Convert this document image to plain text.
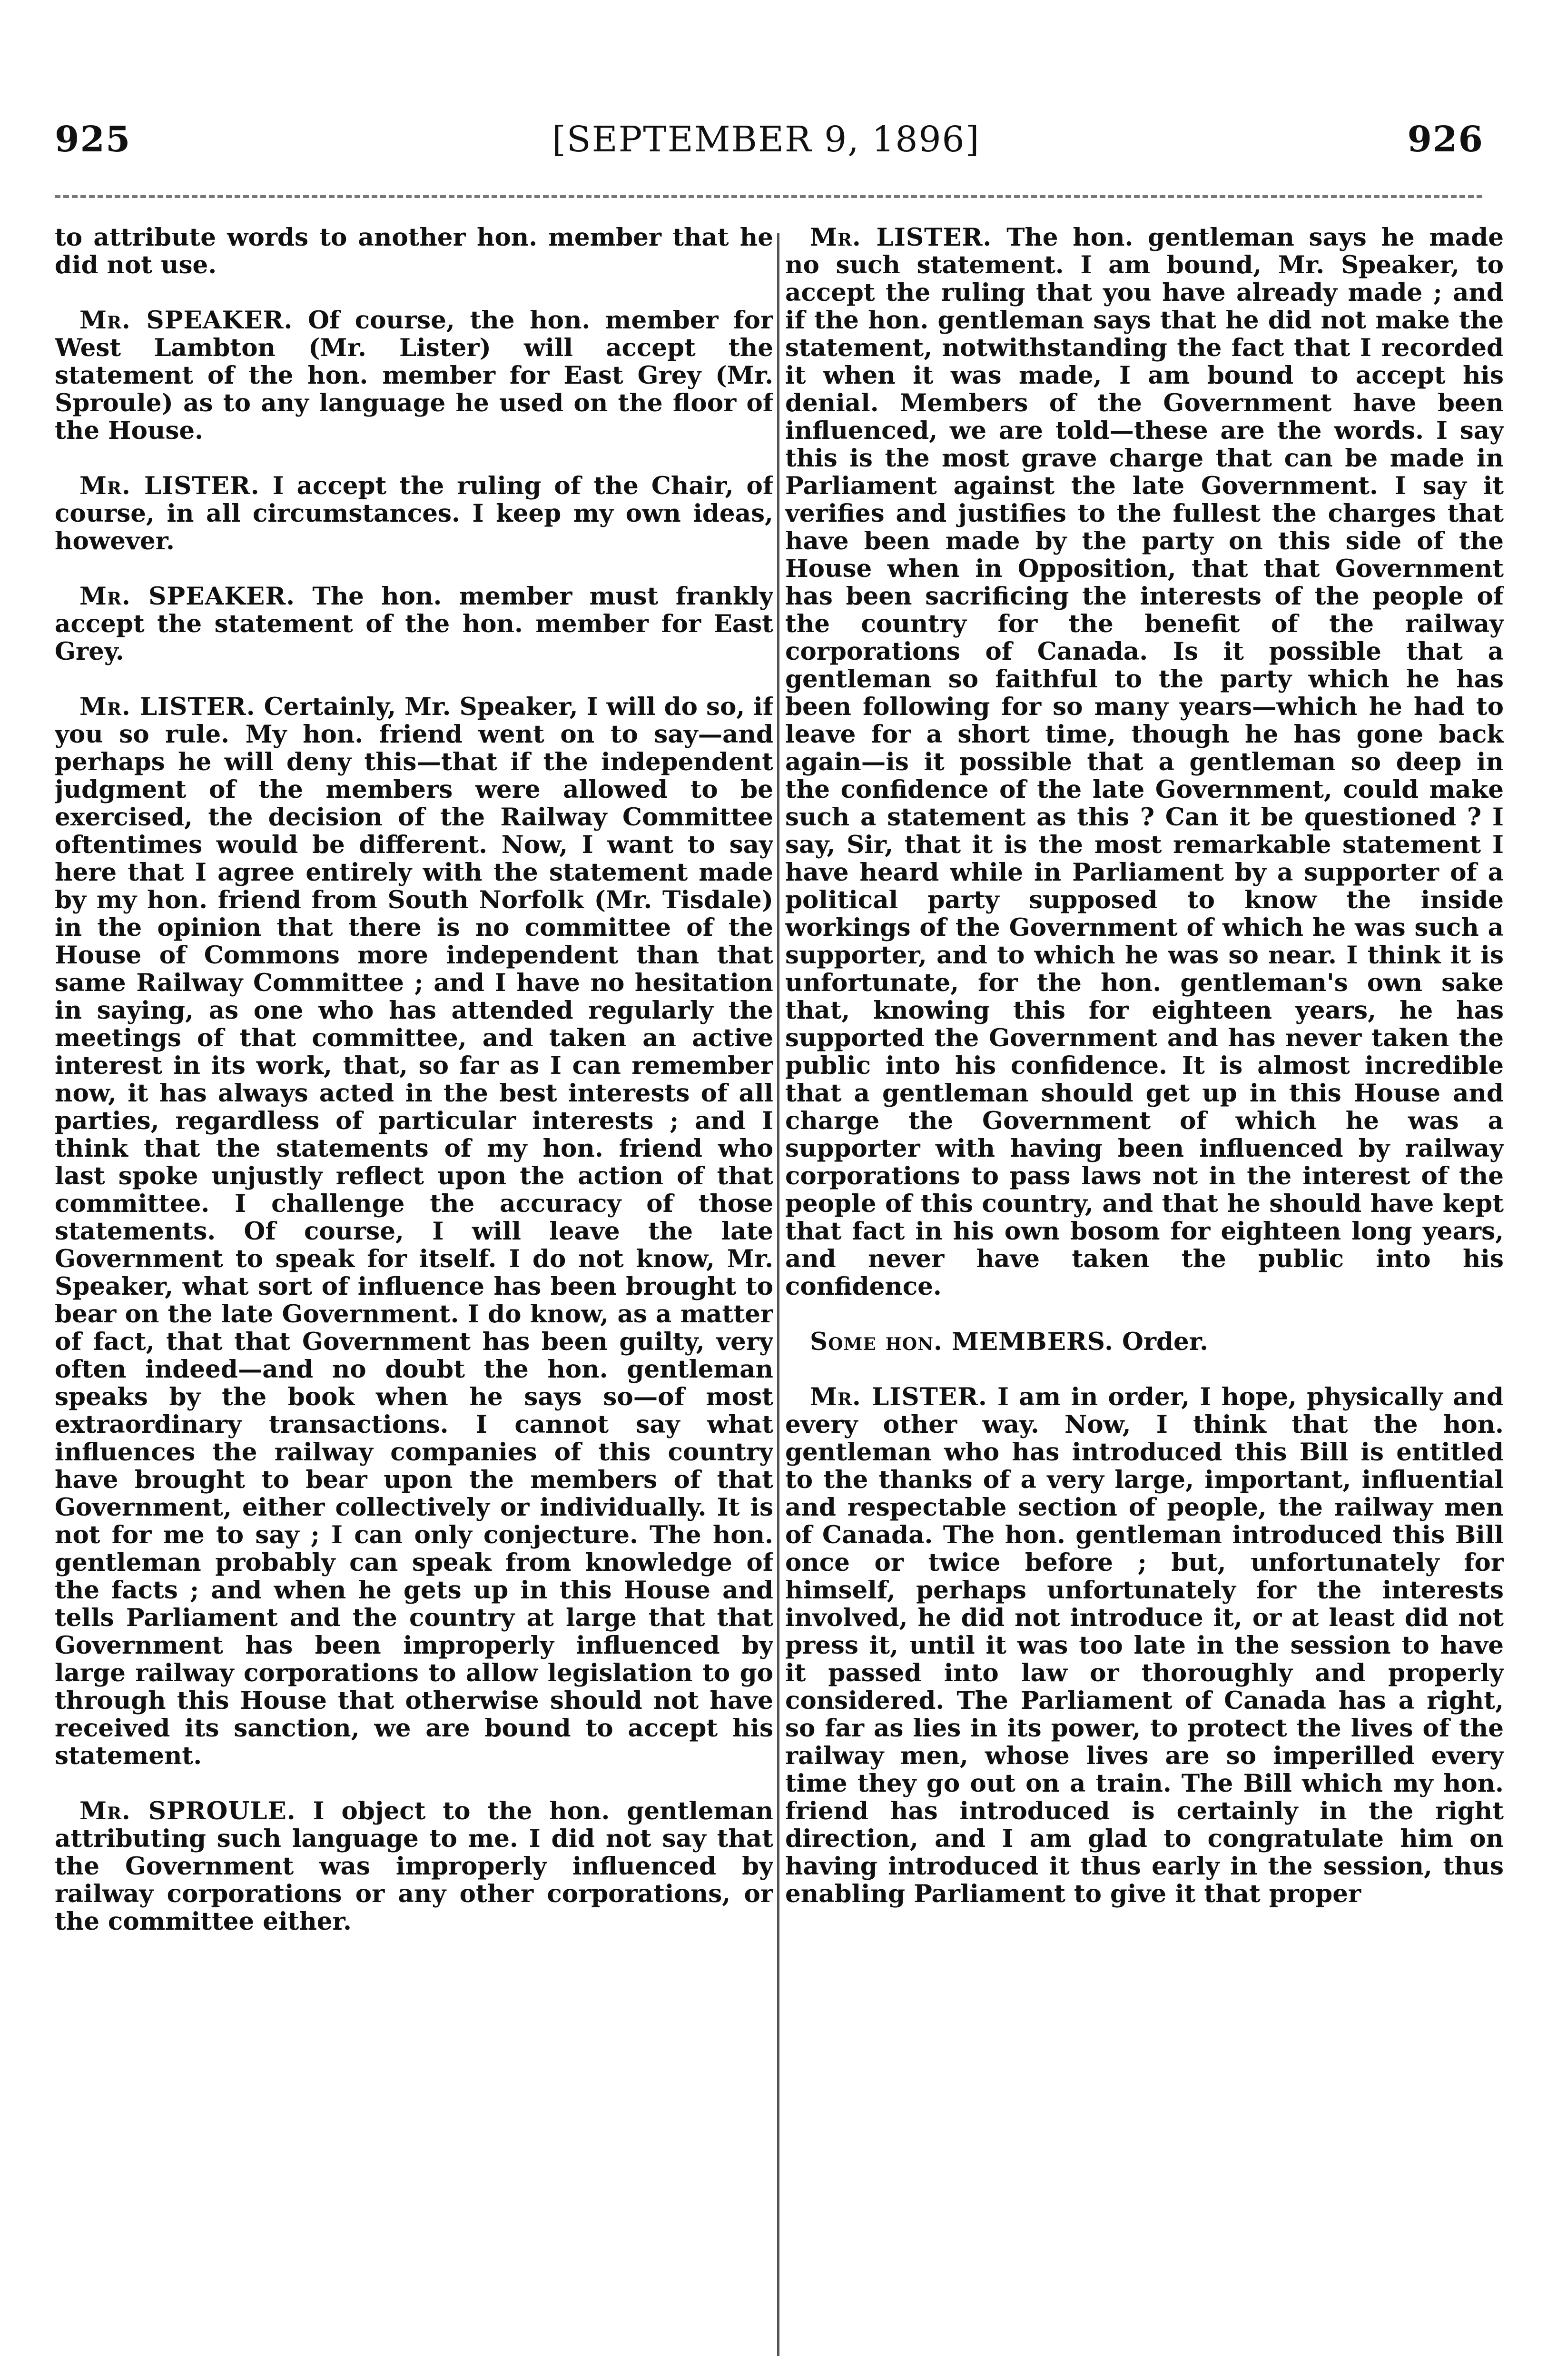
925	[SEPTEMBER 9, 1896]	926

to attribute words to another hon. member that he did not use.

Mr. SPEAKER. Of course, the hon. member for West Lambton (Mr. Lister) will accept the statement of the hon. member for East Grey (Mr. Sproule) as to any language he used on the floor of the House.

Mr. LISTER. I accept the ruling of the Chair, of course, in all circumstances. I keep my own ideas, however.

Mr. SPEAKER. The hon. member must frankly accept the statement of the hon. member for East Grey.

Mr. LISTER. Certainly, Mr. Speaker, I will do so, if you so rule. My hon. friend went on to say—and perhaps he will deny this—that if the independent judgment of the members were allowed to be exercised, the decision of the Railway Committee oftentimes would be different. Now, I want to say here that I agree entirely with the statement made by my hon. friend from South Norfolk (Mr. Tisdale) in the opinion that there is no committee of the House of Commons more independent than that same Railway Committee ; and I have no hesitation in saying, as one who has attended regularly the meetings of that committee, and taken an active interest in its work, that, so far as I can remember now, it has always acted in the best interests of all parties, regardless of particular interests ; and I think that the statements of my hon. friend who last spoke unjustly reflect upon the action of that committee. I challenge the accuracy of those statements. Of course, I will leave the late Government to speak for itself. I do not know, Mr. Speaker, what sort of influence has been brought to bear on the late Government. I do know, as a matter of fact, that that Government has been guilty, very often indeed—and no doubt the hon. gentleman speaks by the book when he says so—of most extraordinary transactions. I cannot say what influences the railway companies of this country have brought to bear upon the members of that Government, either collectively or individually. It is not for me to say ; I can only conjecture. The hon. gentleman probably can speak from knowledge of the facts ; and when he gets up in this House and tells Parliament and the country at large that that Government has been improperly influenced by large railway corporations to allow legislation to go through this House that otherwise should not have received its sanction, we are bound to accept his statement.

Mr. SPROULE. I object to the hon. gentleman attributing such language to me. I did not say that the Government was improperly influenced by railway corporations or any other corporations, or the committee either.

Mr. LISTER. The hon. gentleman says he made no such statement. I am bound, Mr. Speaker, to accept the ruling that you have already made ; and if the hon. gentleman says that he did not make the statement, notwithstanding the fact that I recorded it when it was made, I am bound to accept his denial. Members of the Government have been influenced, we are told—these are the words. I say this is the most grave charge that can be made in Parliament against the late Government. I say it verifies and justifies to the fullest the charges that have been made by the party on this side of the House when in Opposition, that that Government has been sacrificing the interests of the people of the country for the benefit of the railway corporations of Canada. Is it possible that a gentleman so faithful to the party which he has been following for so many years—which he had to leave for a short time, though he has gone back again—is it possible that a gentleman so deep in the confidence of the late Government, could make such a statement as this ? Can it be questioned ? I say, Sir, that it is the most remarkable statement I have heard while in Parliament by a supporter of a political party supposed to know the inside workings of the Government of which he was such a supporter, and to which he was so near. I think it is unfortunate, for the hon. gentleman's own sake that, knowing this for eighteen years, he has supported the Government and has never taken the public into his confidence. It is almost incredible that a gentleman should get up in this House and charge the Government of which he was a supporter with having been influenced by railway corporations to pass laws not in the interest of the people of this country, and that he should have kept that fact in his own bosom for eighteen long years, and never have taken the public into his confidence.

Some hon. MEMBERS. Order.

Mr. LISTER. I am in order, I hope, physically and every other way. Now, I think that the hon. gentleman who has introduced this Bill is entitled to the thanks of a very large, important, influential and respectable section of people, the railway men of Canada. The hon. gentleman introduced this Bill once or twice before ; but, unfortunately for himself, perhaps unfortunately for the interests involved, he did not introduce it, or at least did not press it, until it was too late in the session to have it passed into law or thoroughly and properly considered. The Parliament of Canada has a right, so far as lies in its power, to protect the lives of the railway men, whose lives are so imperilled every time they go out on a train. The Bill which my hon. friend has introduced is certainly in the right direction, and I am glad to congratulate him on having introduced it thus early in the session, thus enabling Parliament to give it that proper
